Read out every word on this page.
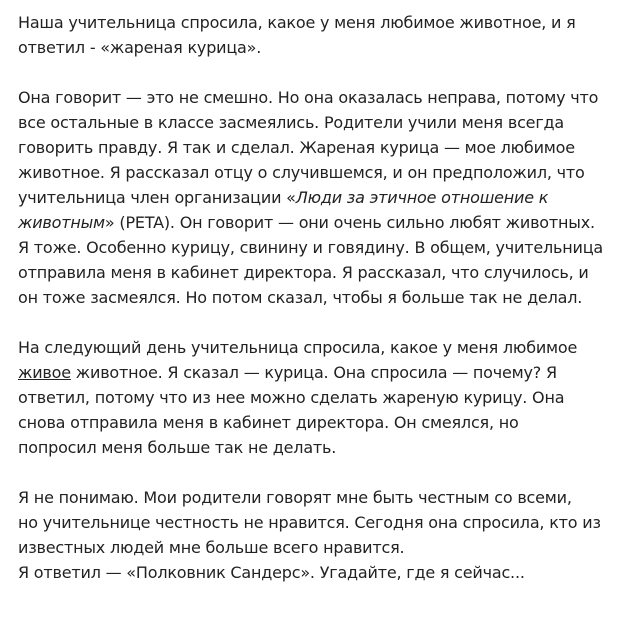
Наша учительница спросила, какое у меня любимое животное, и я
ответил - «жареная курица».

Она говорит — это не смешно. Но она оказалась неправа, потому что
все остальные в классе засмеялись. Родители учили меня всегда
говорить правду. Я так и сделал. Жареная курица — мое любимое
животное. Я рассказал отцу о случившемся, и он предположил, что
учительница член организации «Люди за этичное отношение к
животным» (PETA). Он говорит — они очень сильно любят животных.
Я тоже. Особенно курицу, свинину и говядину. В общем, учительница
отправила меня в кабинет директора. Я рассказал, что случилось, и
он тоже засмеялся. Но потом сказал, чтобы я больше так не делал.

На следующий день учительница спросила, какое у меня любимое
живое животное. Я сказал — курица. Она спросила — почему? Я
ответил, потому что из нее можно сделать жареную курицу. Она
снова отправила меня в кабинет директора. Он смеялся, но
попросил меня больше так не делать.

Я не понимаю. Мои родители говорят мне быть честным со всеми,
но учительнице честность не нравится. Сегодня она спросила, кто из
известных людей мне больше всего нравится.
Я ответил — «Полковник Сандерс». Угадайте, где я сейчас...
